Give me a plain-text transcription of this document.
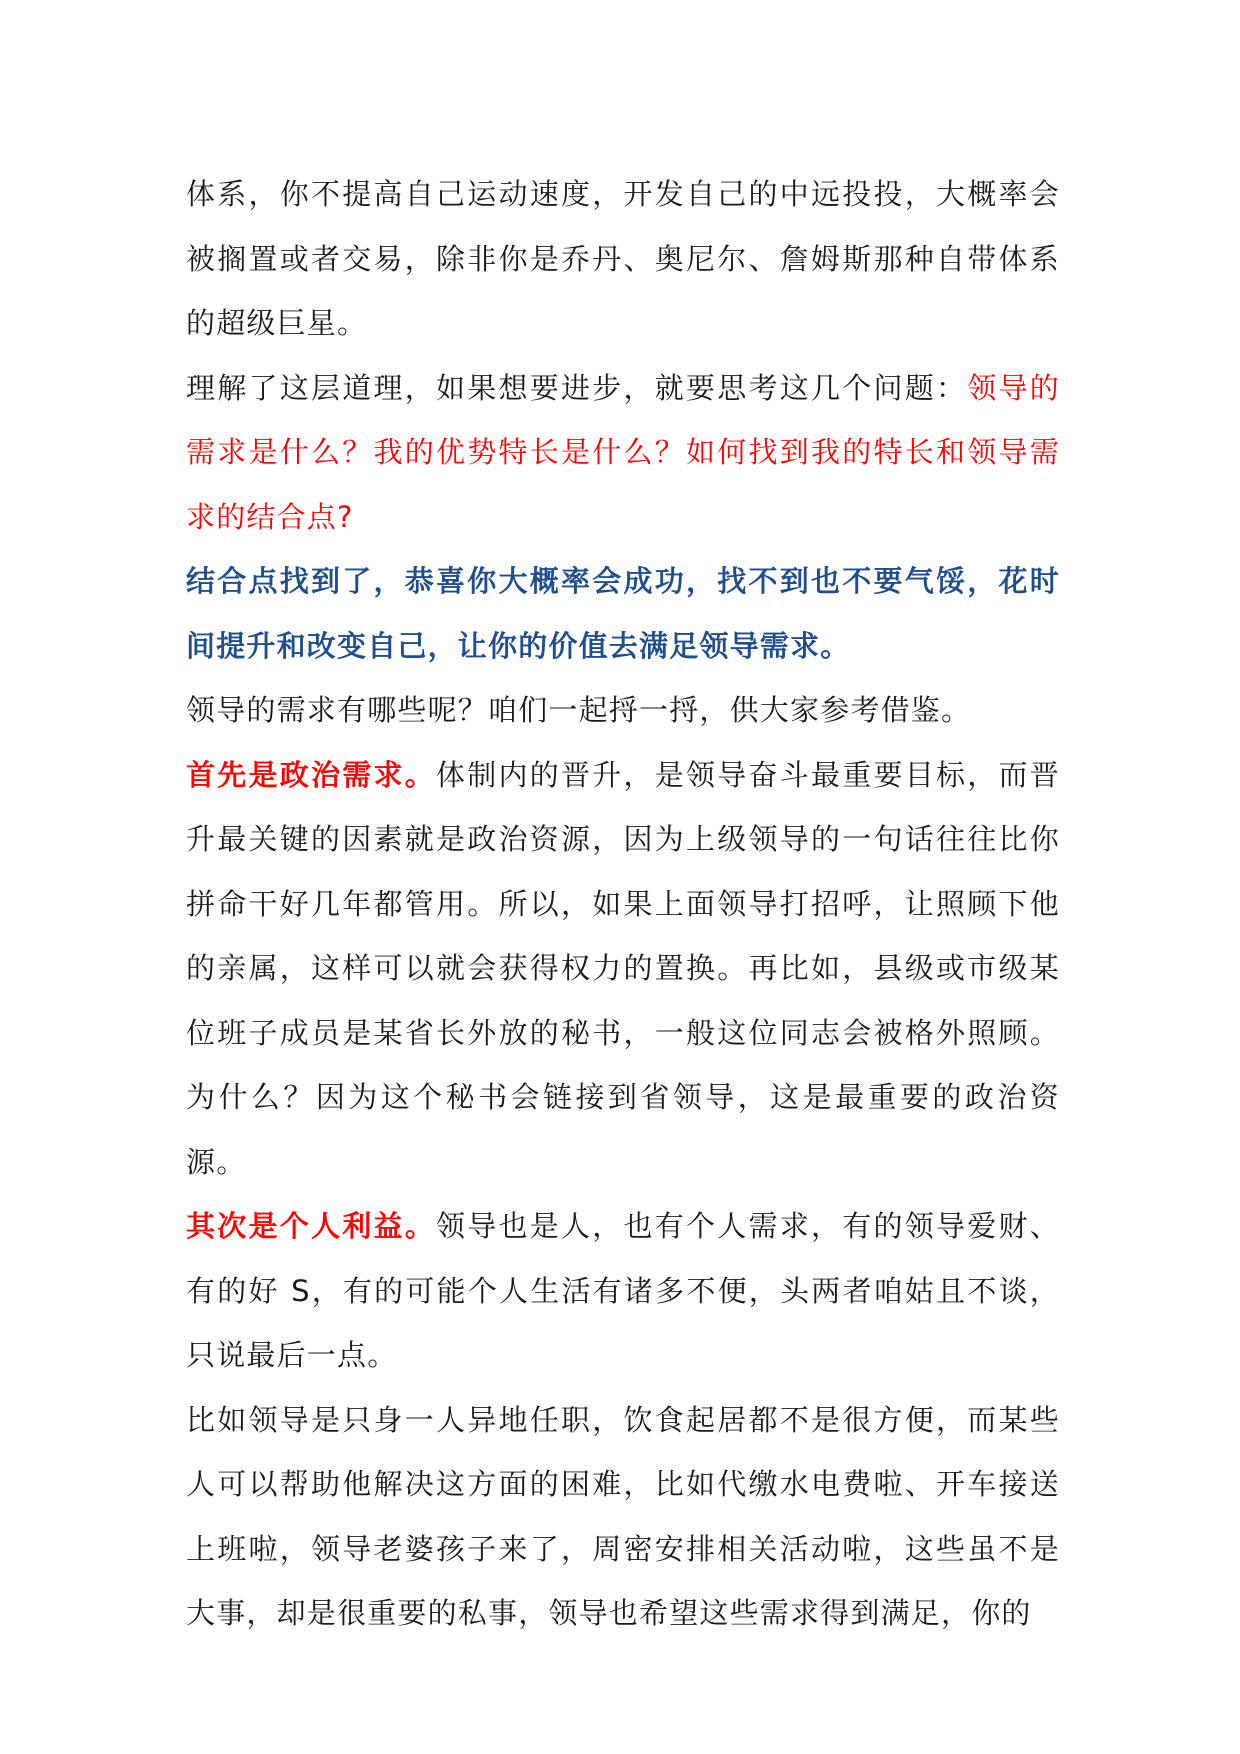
体系，你不提高自己运动速度，开发自己的中远投投，大概率会被搁置或者交易，除非你是乔丹、奥尼尔、詹姆斯那种自带体系的超级巨星。

理解了这层道理，如果想要进步，就要思考这几个问题：领导的需求是什么？我的优势特长是什么？如何找到我的特长和领导需求的结合点?

结合点找到了，恭喜你大概率会成功，找不到也不要气馁，花时间提升和改变自己，让你的价值去满足领导需求。

领导的需求有哪些呢？咱们一起捋一捋，供大家参考借鉴。

首先是政治需求。体制内的晋升，是领导奋斗最重要目标，而晋升最关键的因素就是政治资源，因为上级领导的一句话往往比你拼命干好几年都管用。所以，如果上面领导打招呼，让照顾下他的亲属，这样可以就会获得权力的置换。再比如，县级或市级某位班子成员是某省长外放的秘书，一般这位同志会被格外照顾。为什么？因为这个秘书会链接到省领导，这是最重要的政治资源。

其次是个人利益。领导也是人，也有个人需求，有的领导爱财、有的好 S，有的可能个人生活有诸多不便，头两者咱姑且不谈，只说最后一点。

比如领导是只身一人异地任职，饮食起居都不是很方便，而某些人可以帮助他解决这方面的困难，比如代缴水电费啦、开车接送上班啦，领导老婆孩子来了，周密安排相关活动啦，这些虽不是大事，却是很重要的私事，领导也希望这些需求得到满足，你的
